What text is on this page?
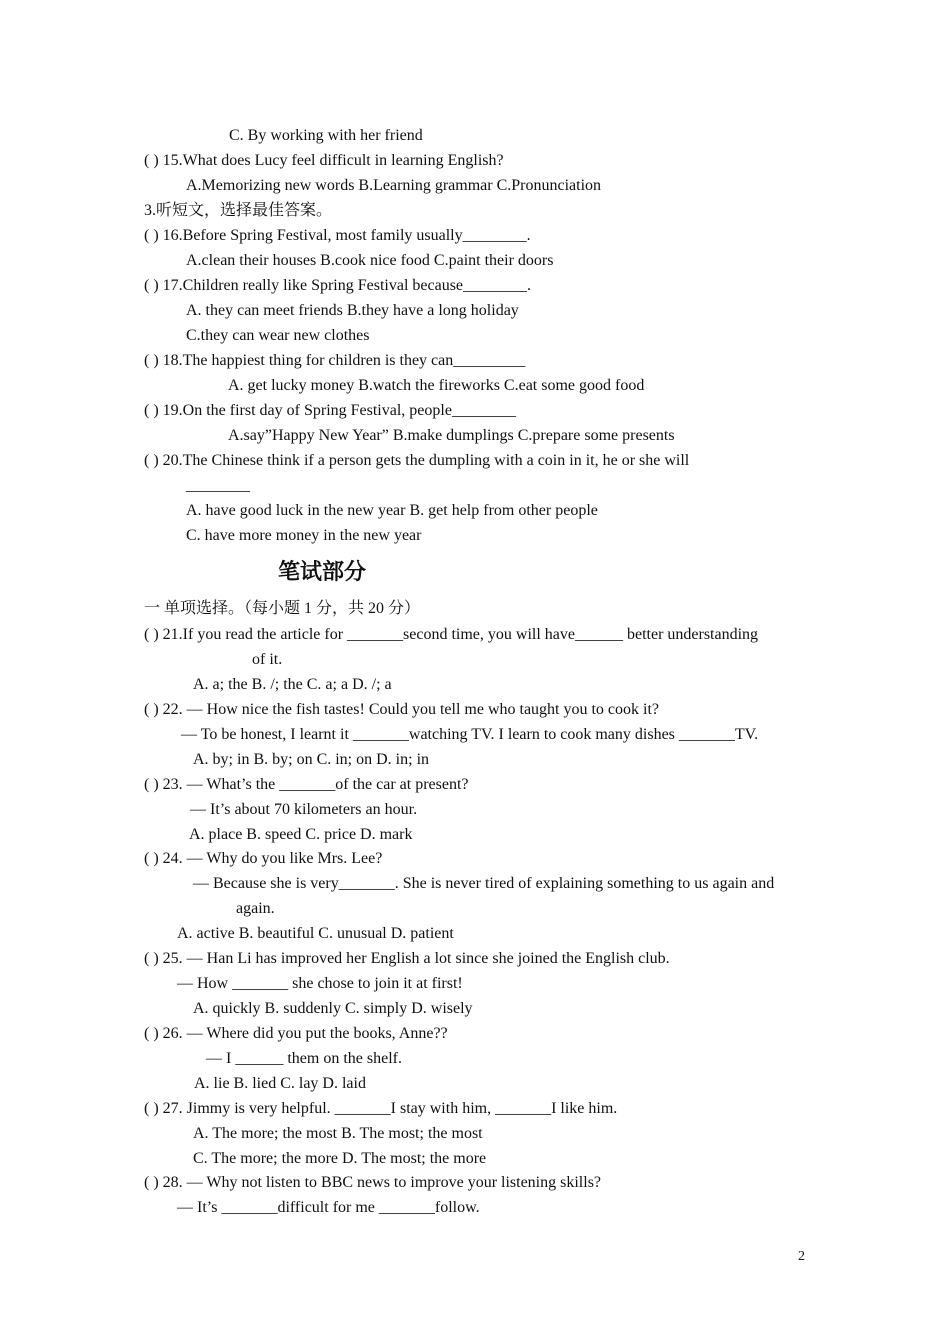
C. By working with her friend
( ) 15.What does Lucy feel difficult in learning English?
A.Memorizing new words B.Learning grammar C.Pronunciation
3.听短文，选择最佳答案。
( ) 16.Before Spring Festival, most family usually________.
A.clean their houses B.cook nice food C.paint their doors
( ) 17.Children really like Spring Festival because________.
A. they can meet friends B.they have a long holiday
C.they can wear new clothes
( ) 18.The happiest thing for children is they can_________
A. get lucky money B.watch the fireworks C.eat some good food
( ) 19.On the first day of Spring Festival, people________
A.say”Happy New Year” B.make dumplings C.prepare some presents
( ) 20.The Chinese think if a person gets the dumpling with a coin in it, he or she will
________
A. have good luck in the new year B. get help from other people
C. have more money in the new year
笔试部分
一 单项选择。（每小题 1 分，共 20 分）
( ) 21.If you read the article for _______second time, you will have______ better understanding
of it.
A. a; the B. /; the C. a; a D. /; a
( ) 22. — How nice the fish tastes! Could you tell me who taught you to cook it?
— To be honest, I learnt it _______watching TV. I learn to cook many dishes _______TV.
A. by; in B. by; on C. in; on D. in; in
( ) 23. — What’s the _______of the car at present?
— It’s about 70 kilometers an hour.
A. place B. speed C. price D. mark
( ) 24. — Why do you like Mrs. Lee?
— Because she is very_______. She is never tired of explaining something to us again and
again.
A. active B. beautiful C. unusual D. patient
( ) 25. — Han Li has improved her English a lot since she joined the English club.
— How _______ she chose to join it at first!
A. quickly B. suddenly C. simply D. wisely
( ) 26. — Where did you put the books, Anne??
— I ______ them on the shelf.
A. lie B. lied C. lay D. laid
( ) 27. Jimmy is very helpful. _______I stay with him, _______I like him.
A. The more; the most B. The most; the most
C. The more; the more D. The most; the more
( ) 28. — Why not listen to BBC news to improve your listening skills?
— It’s _______difficult for me _______follow.
2
